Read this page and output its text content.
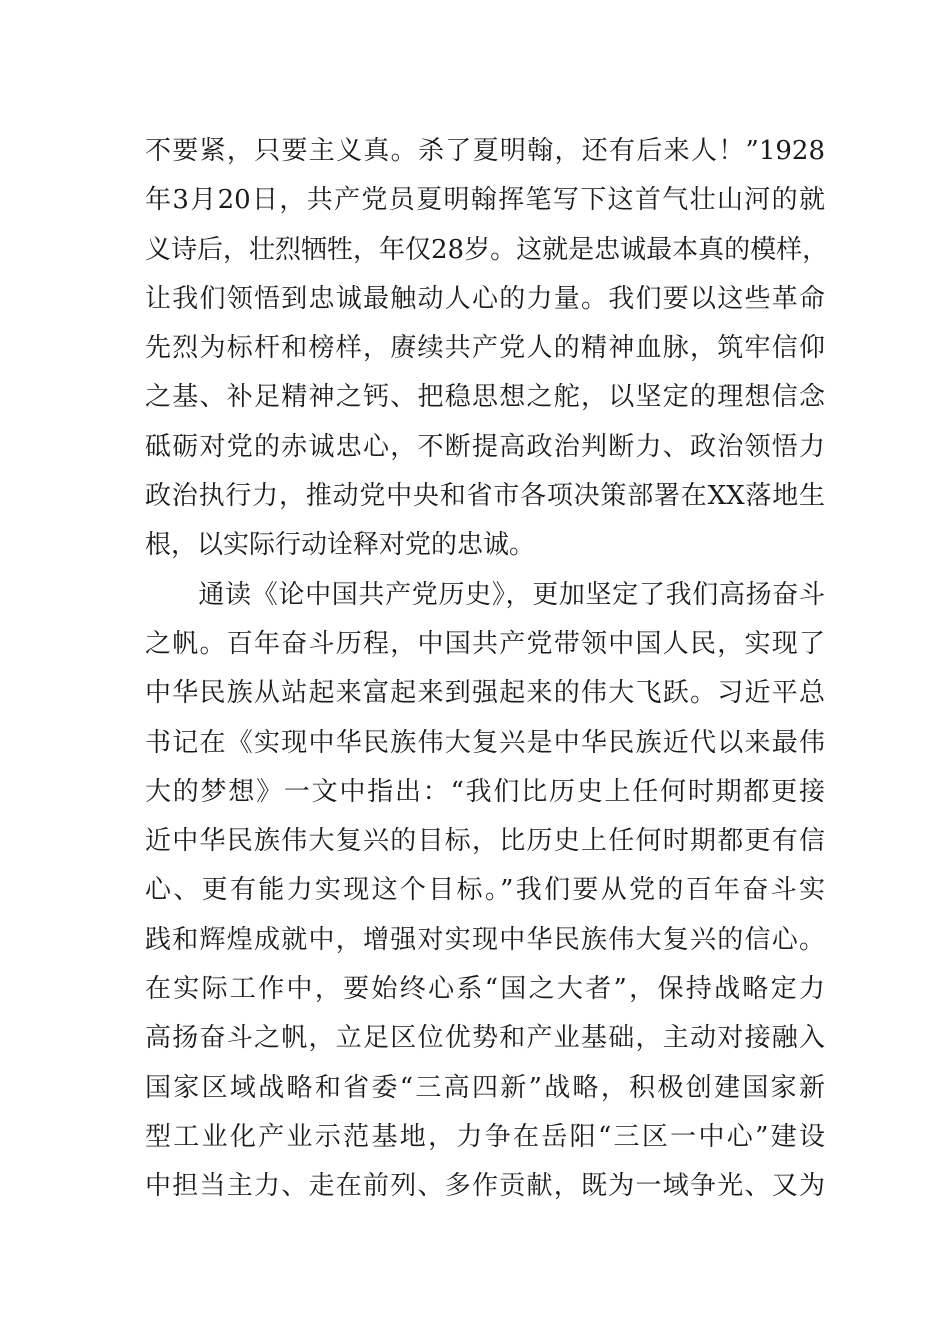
不要紧，只要主义真。杀了夏明翰，还有后来人！”1928
年3月20日，共产党员夏明翰挥笔写下这首气壮山河的就
义诗后，壮烈牺牲，年仅28岁。这就是忠诚最本真的模样，
让我们领悟到忠诚最触动人心的力量。我们要以这些革命
先烈为标杆和榜样，赓续共产党人的精神血脉，筑牢信仰
之基、补足精神之钙、把稳思想之舵，以坚定的理想信念
砥砺对党的赤诚忠心，不断提高政治判断力、政治领悟力
政治执行力，推动党中央和省市各项决策部署在XX落地生
根，以实际行动诠释对党的忠诚。
　　通读《论中国共产党历史》，更加坚定了我们高扬奋斗
之帆。百年奋斗历程，中国共产党带领中国人民，实现了
中华民族从站起来富起来到强起来的伟大飞跃。习近平总
书记在《实现中华民族伟大复兴是中华民族近代以来最伟
大的梦想》一文中指出：“我们比历史上任何时期都更接
近中华民族伟大复兴的目标，比历史上任何时期都更有信
心、更有能力实现这个目标。”我们要从党的百年奋斗实
践和辉煌成就中，增强对实现中华民族伟大复兴的信心。
在实际工作中，要始终心系“国之大者”，保持战略定力
高扬奋斗之帆，立足区位优势和产业基础，主动对接融入
国家区域战略和省委“三高四新”战略，积极创建国家新
型工业化产业示范基地，力争在岳阳“三区一中心”建设
中担当主力、走在前列、多作贡献，既为一域争光、又为
